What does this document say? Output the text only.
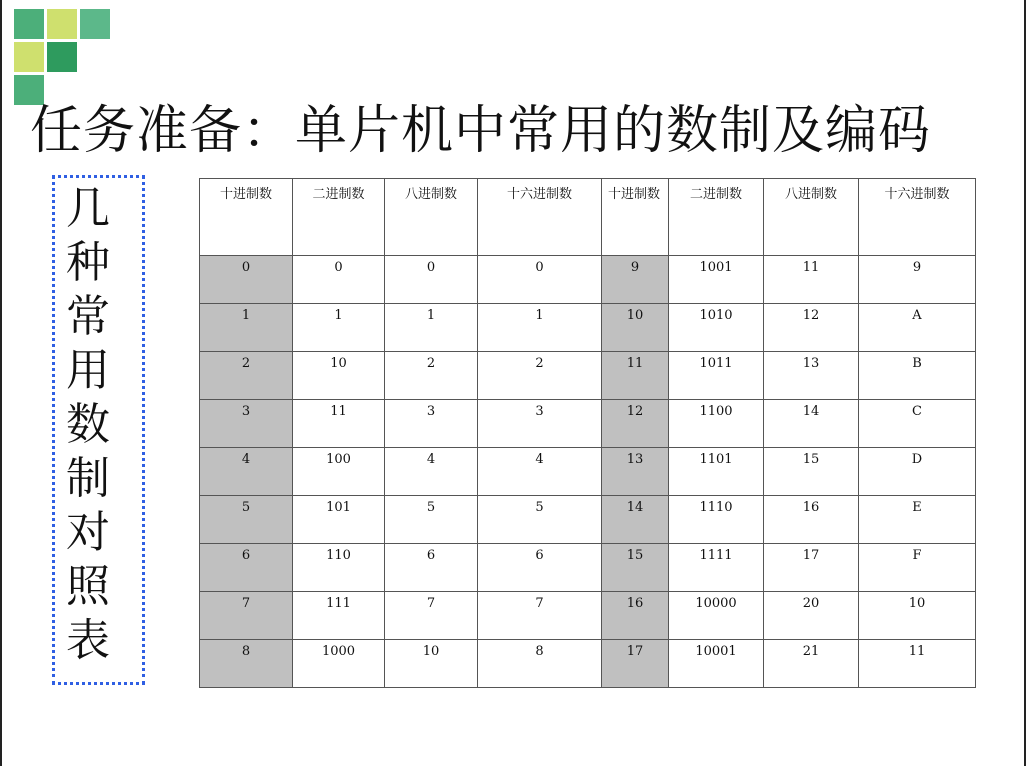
任务准备：单片机中常用的数制及编码
几
种
常
用
数
制
对
照
表
十进制数	二进制数	八进制数	十六进制数	十进制数	二进制数	八进制数	十六进制数
0	0	0	0	9	1001	11	9
1	1	1	1	10	1010	12	A
2	10	2	2	11	1011	13	B
3	11	3	3	12	1100	14	C
4	100	4	4	13	1101	15	D
5	101	5	5	14	1110	16	E
6	110	6	6	15	1111	17	F
7	111	7	7	16	10000	20	10
8	1000	10	8	17	10001	21	11
